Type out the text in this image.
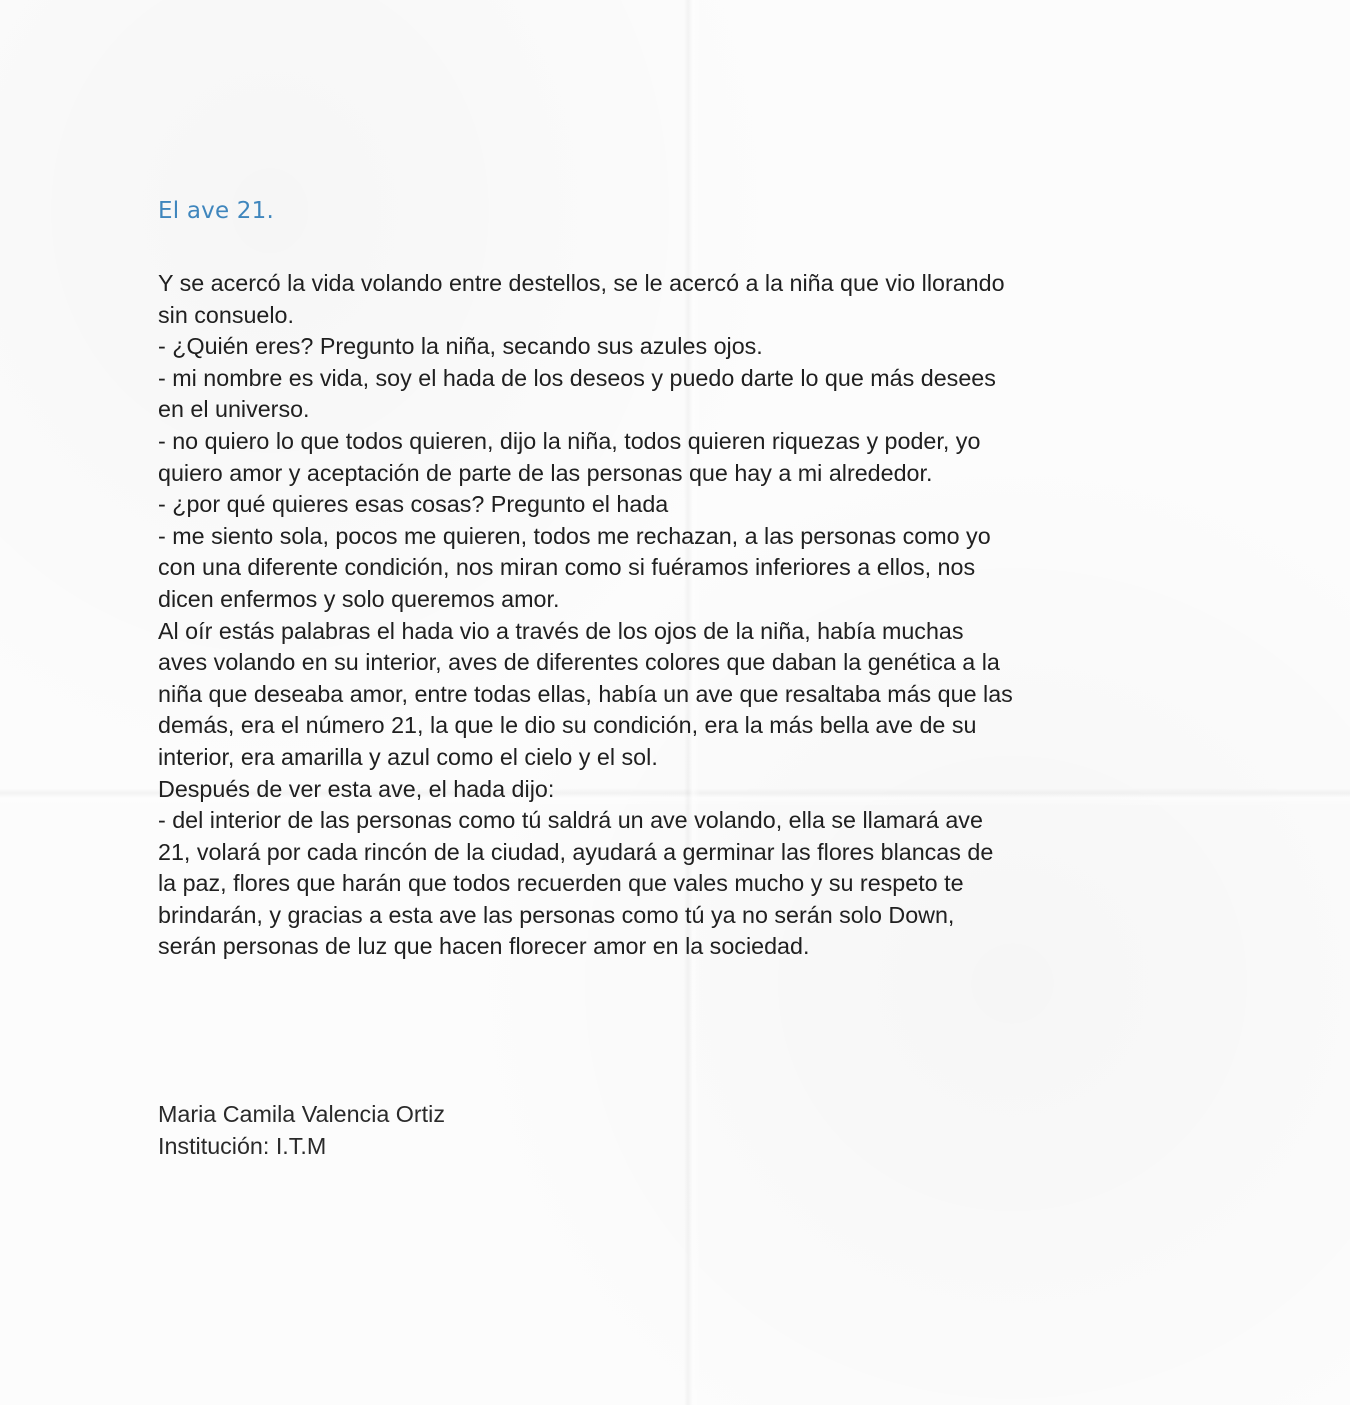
El ave 21.

Y se acercó la vida volando entre destellos, se le acercó a la niña que vio llorando

sin consuelo.

- ¿Quién eres? Pregunto la niña, secando sus azules ojos.

- mi nombre es vida, soy el hada de los deseos y puedo darte lo que más desees

en el universo.

- no quiero lo que todos quieren, dijo la niña, todos quieren riquezas y poder, yo

quiero amor y aceptación de parte de las personas que hay a mi alrededor.

- ¿por qué quieres esas cosas? Pregunto el hada

- me siento sola, pocos me quieren, todos me rechazan, a las personas como yo

con una diferente condición, nos miran como si fuéramos inferiores a ellos, nos

dicen enfermos y solo queremos amor.

Al oír estás palabras el hada vio a través de los ojos de la niña, había muchas

aves volando en su interior, aves de diferentes colores que daban la genética a la

niña que deseaba amor, entre todas ellas, había un ave que resaltaba más que las

demás, era el número 21, la que le dio su condición, era la más bella ave de su

interior, era amarilla y azul como el cielo y el sol.

Después de ver esta ave, el hada dijo:

- del interior de las personas como tú saldrá un ave volando, ella se llamará ave

21, volará por cada rincón de la ciudad, ayudará a germinar las flores blancas de

la paz, flores que harán que todos recuerden que vales mucho y su respeto te

brindarán, y gracias a esta ave las personas como tú ya no serán solo Down,

serán personas de luz que hacen florecer amor en la sociedad.

Maria Camila Valencia Ortiz

Institución: I.T.M
